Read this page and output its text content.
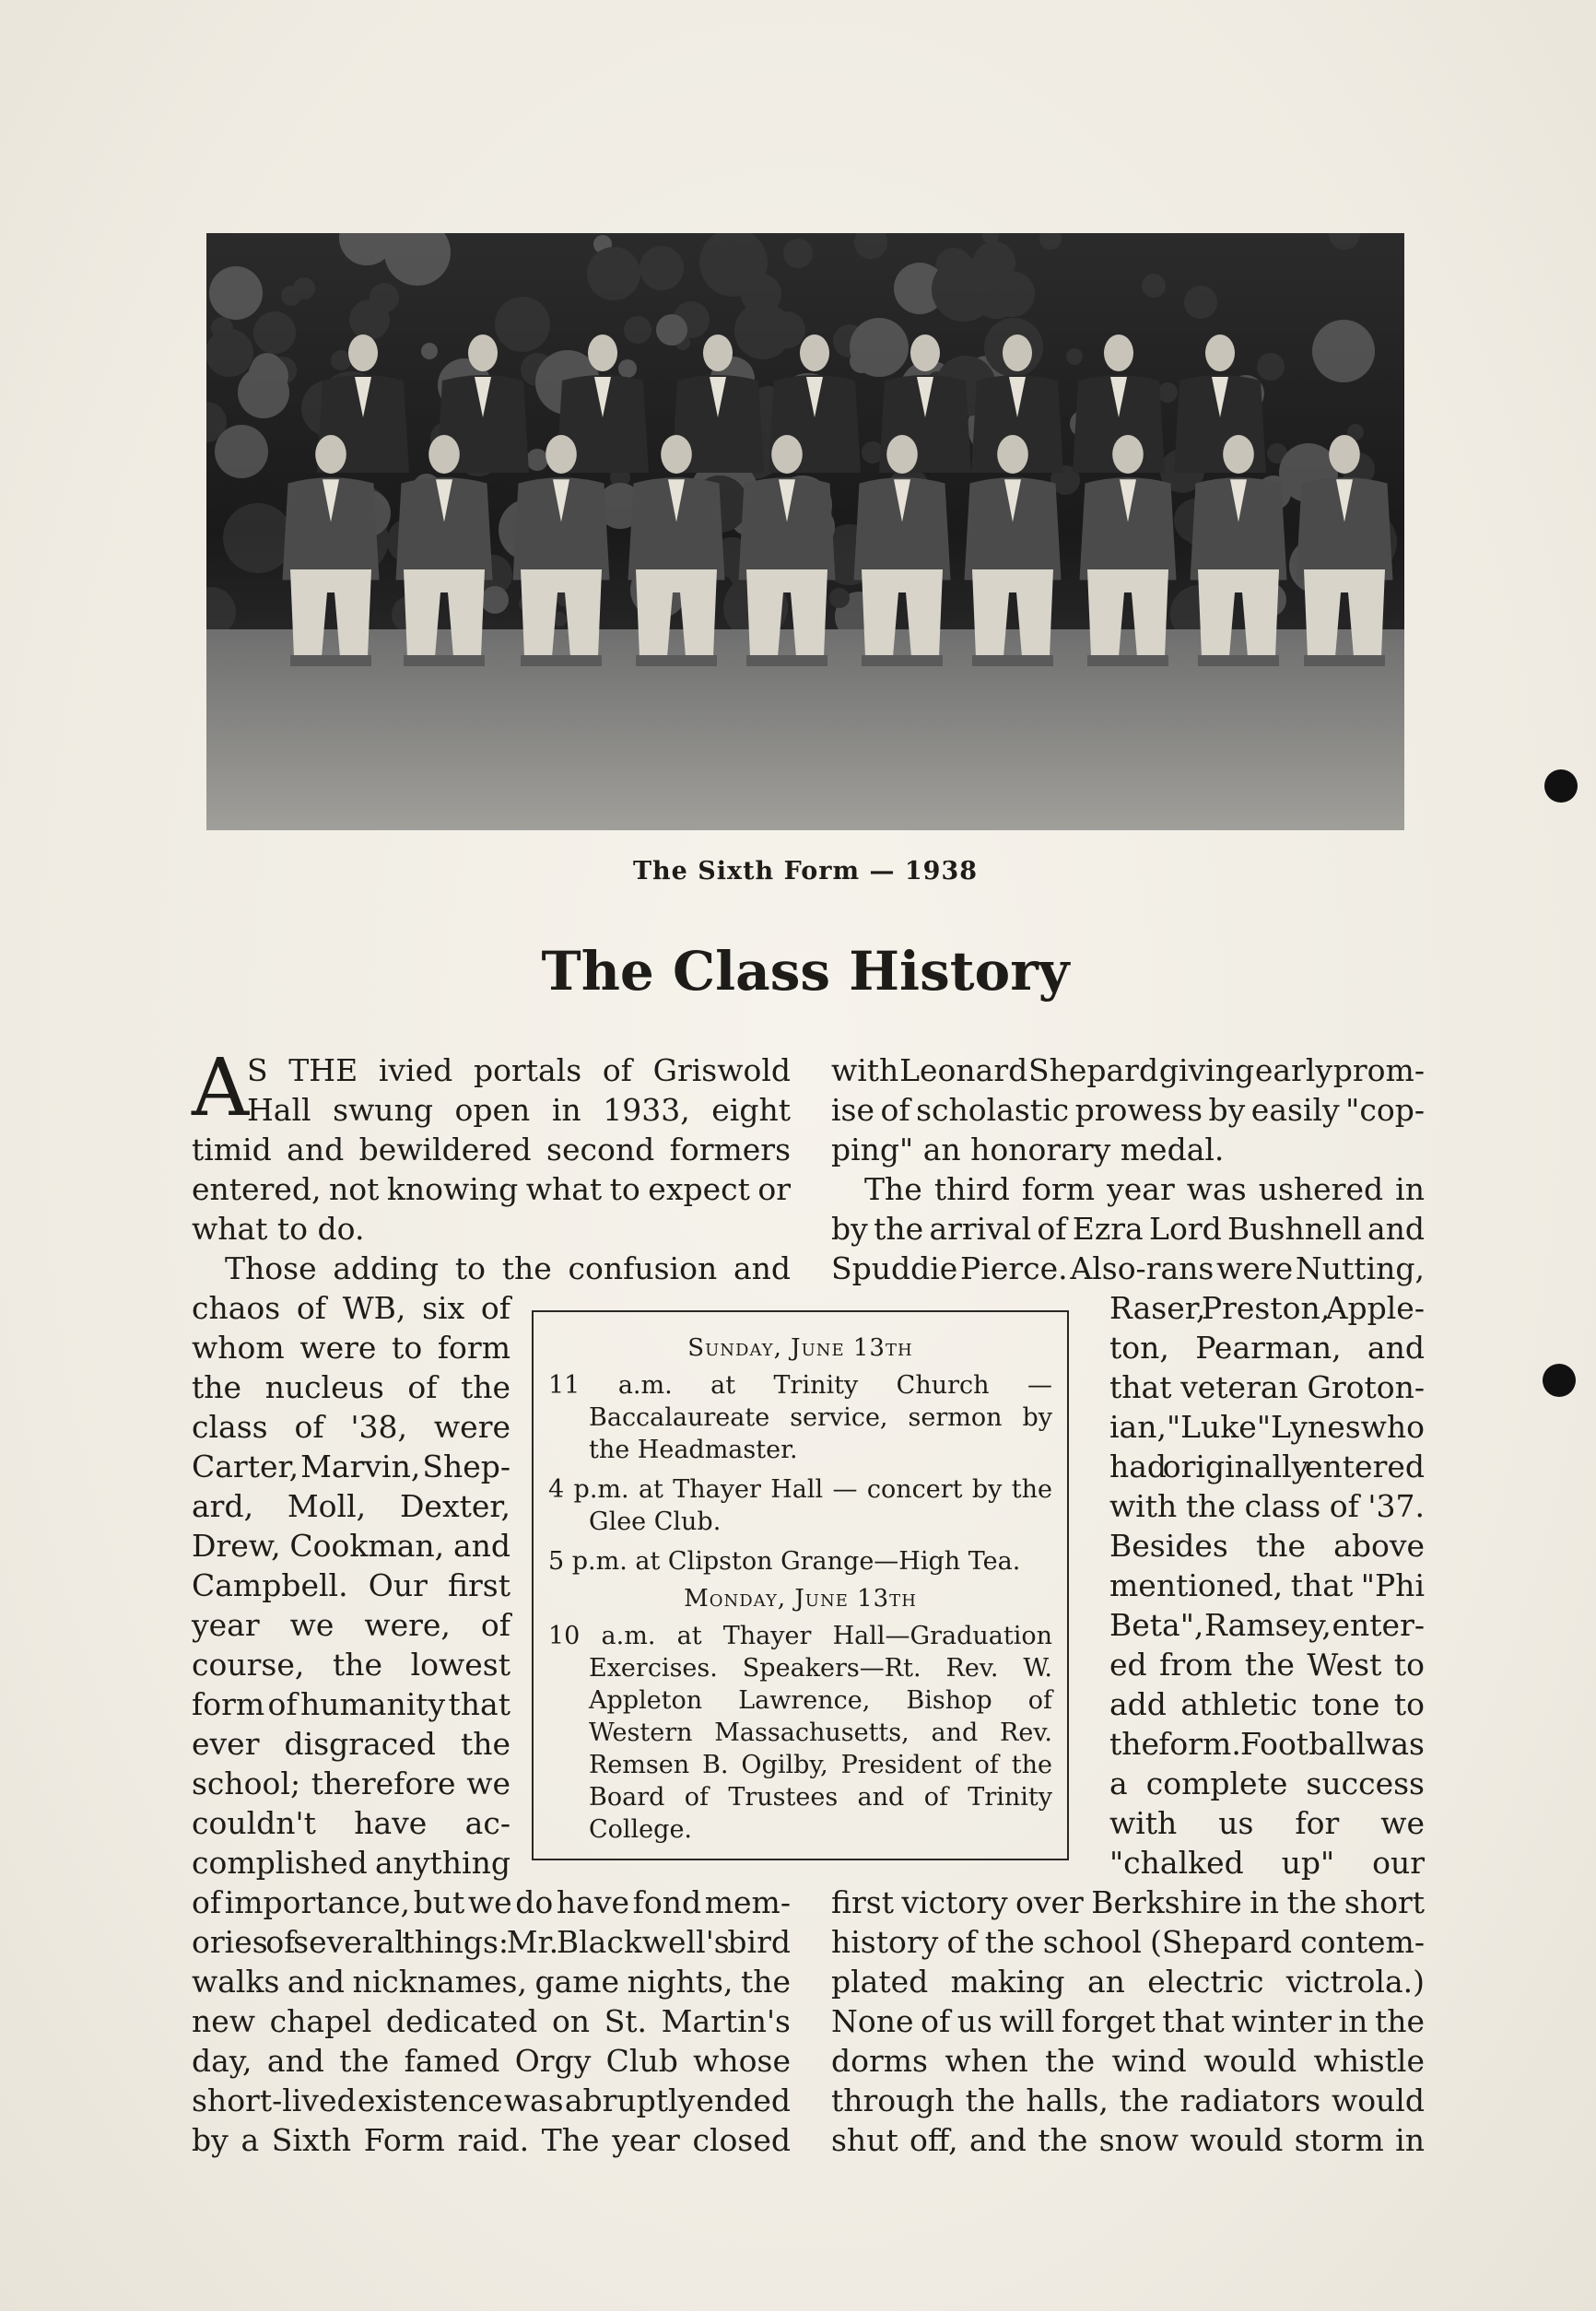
The Sixth Form — 1938
The Class History
A
S THE ivied portals of Griswold
Hall swung open in 1933, eight
timid and bewildered second formers
entered, not knowing what to expect or
what to do.
Those adding to the confusion and
chaos of WB, six of
whom were to form
the nucleus of the
class of '38, were
Carter, Marvin, Shep-
ard, Moll, Dexter,
Drew, Cookman, and
Campbell. Our first
year we were, of
course, the lowest
form of humanity that
ever disgraced the
school; therefore we
couldn't have ac-
complished anything
of importance, but we do have fond mem-
ories of several things: Mr. Blackwell's bird
walks and nicknames, game nights, the
new chapel dedicated on St. Martin's
day, and the famed Orgy Club whose
short-lived existence was abruptly ended
by a Sixth Form raid. The year closed
with Leonard Shepard giving early prom-
ise of scholastic prowess by easily "cop-
ping" an honorary medal.
The third form year was ushered in
by the arrival of Ezra Lord Bushnell and
Spuddie Pierce. Also-rans were Nutting,
Raser, Preston, Apple-
ton, Pearman, and
that veteran Groton-
ian, "Luke" Lynes who
had originally entered
with the class of '37.
Besides the above
mentioned, that "Phi
Beta", Ramsey, enter-
ed from the West to
add athletic tone to
the form. Football was
a complete success
with us for we
"chalked up" our
first victory over Berkshire in the short
history of the school (Shepard contem-
plated making an electric victrola.)
None of us will forget that winter in the
dorms when the wind would whistle
through the halls, the radiators would
shut off, and the snow would storm in
Sunday, June 13th
11 a.m. at Trinity Church — Baccalaureate service, sermon by the Headmaster.
4 p.m. at Thayer Hall — concert by the Glee Club.
5 p.m. at Clipston Grange—High Tea.
Monday, June 13th
10 a.m. at Thayer Hall—Graduation Exercises. Speakers—Rt. Rev. W. Appleton Lawrence, Bishop of Western Massachusetts, and Rev. Remsen B. Ogilby, President of the Board of Trustees and of Trinity College.
